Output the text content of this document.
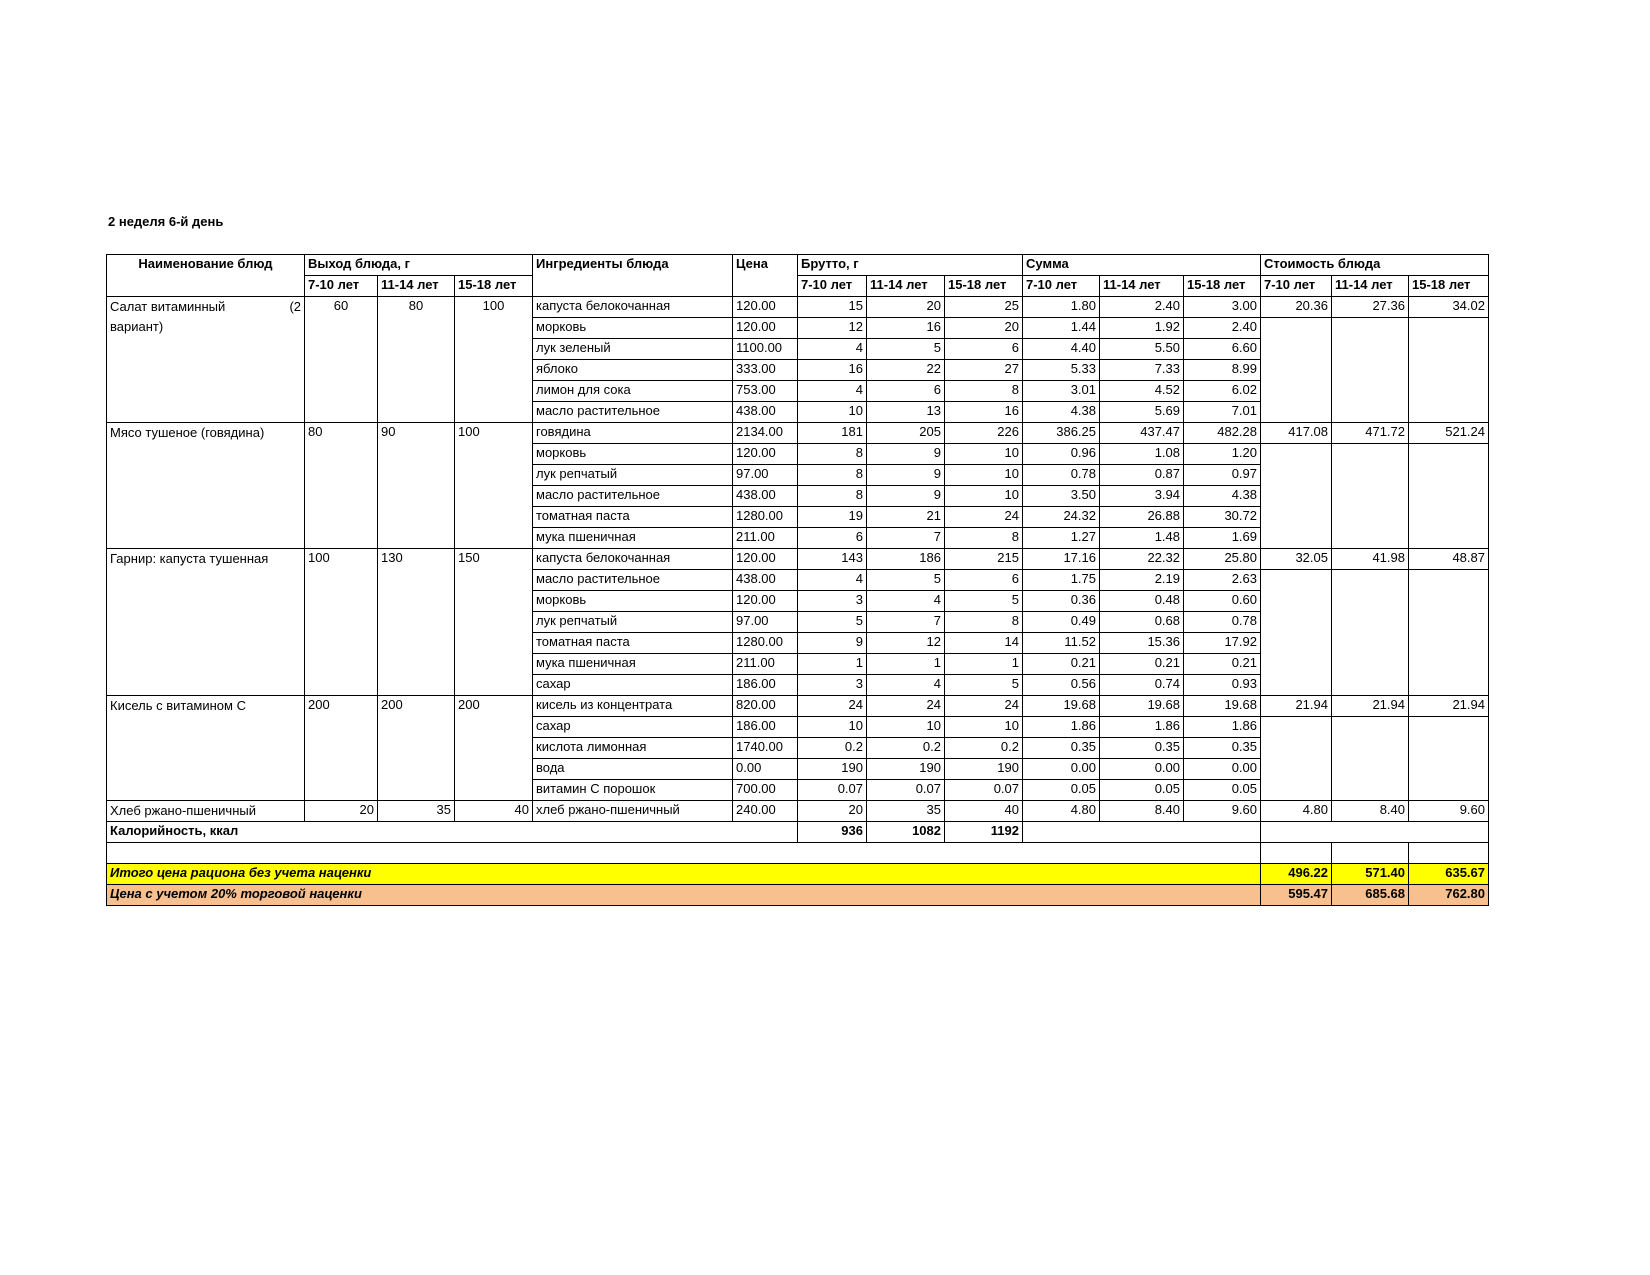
2 неделя 6-й день
Наименование блюд	Выход блюда, г			Ингредиенты блюда	Цена	Брутто, г			Сумма			Стоимость блюда		
	7-10 лет	11-14 лет	15-18 лет			7-10 лет	11-14 лет	15-18 лет	7-10 лет	11-14 лет	15-18 лет	7-10 лет	11-14 лет	15-18 лет

Салат витаминный (2
вариант)	60	80	100	капуста белокочанная	120.00	15	20	25	1.80	2.40	3.00	20.36	27.36	34.02
				морковь	120.00	12	16	20	1.44	1.92	2.40			
				лук зеленый	1100.00	4	5	6	4.40	5.50	6.60			
				яблоко	333.00	16	22	27	5.33	7.33	8.99			
				лимон для сока	753.00	4	6	8	3.01	4.52	6.02			
				масло растительное	438.00	10	13	16	4.38	5.69	7.01			
Мясо тушеное (говядина)	80	90	100	говядина	2134.00	181	205	226	386.25	437.47	482.28	417.08	471.72	521.24
				морковь	120.00	8	9	10	0.96	1.08	1.20			
				лук репчатый	97.00	8	9	10	0.78	0.87	0.97			
				масло растительное	438.00	8	9	10	3.50	3.94	4.38			
				томатная паста	1280.00	19	21	24	24.32	26.88	30.72			
				мука пшеничная	211.00	6	7	8	1.27	1.48	1.69			
Гарнир: капуста тушенная	100	130	150	капуста белокочанная	120.00	143	186	215	17.16	22.32	25.80	32.05	41.98	48.87
				масло растительное	438.00	4	5	6	1.75	2.19	2.63			
				морковь	120.00	3	4	5	0.36	0.48	0.60			
				лук репчатый	97.00	5	7	8	0.49	0.68	0.78			
				томатная паста	1280.00	9	12	14	11.52	15.36	17.92			
				мука пшеничная	211.00	1	1	1	0.21	0.21	0.21			
				сахар	186.00	3	4	5	0.56	0.74	0.93			
Кисель с витамином С	200	200	200	кисель из концентрата	820.00	24	24	24	19.68	19.68	19.68	21.94	21.94	21.94
				сахар	186.00	10	10	10	1.86	1.86	1.86			
				кислота лимонная	1740.00	0.2	0.2	0.2	0.35	0.35	0.35			
				вода	0.00	190	190	190	0.00	0.00	0.00			
				витамин С порошок	700.00	0.07	0.07	0.07	0.05	0.05	0.05			
Хлеб ржано-пшеничный	20	35	40	хлеб ржано-пшеничный	240.00	20	35	40	4.80	8.40	9.60	4.80	8.40	9.60
Калорийность, ккал						936	1082	1192						

Итого цена рациона без учета наценки												496.22	571.40	635.67
Цена с учетом 20% торговой наценки												595.47	685.68	762.80
